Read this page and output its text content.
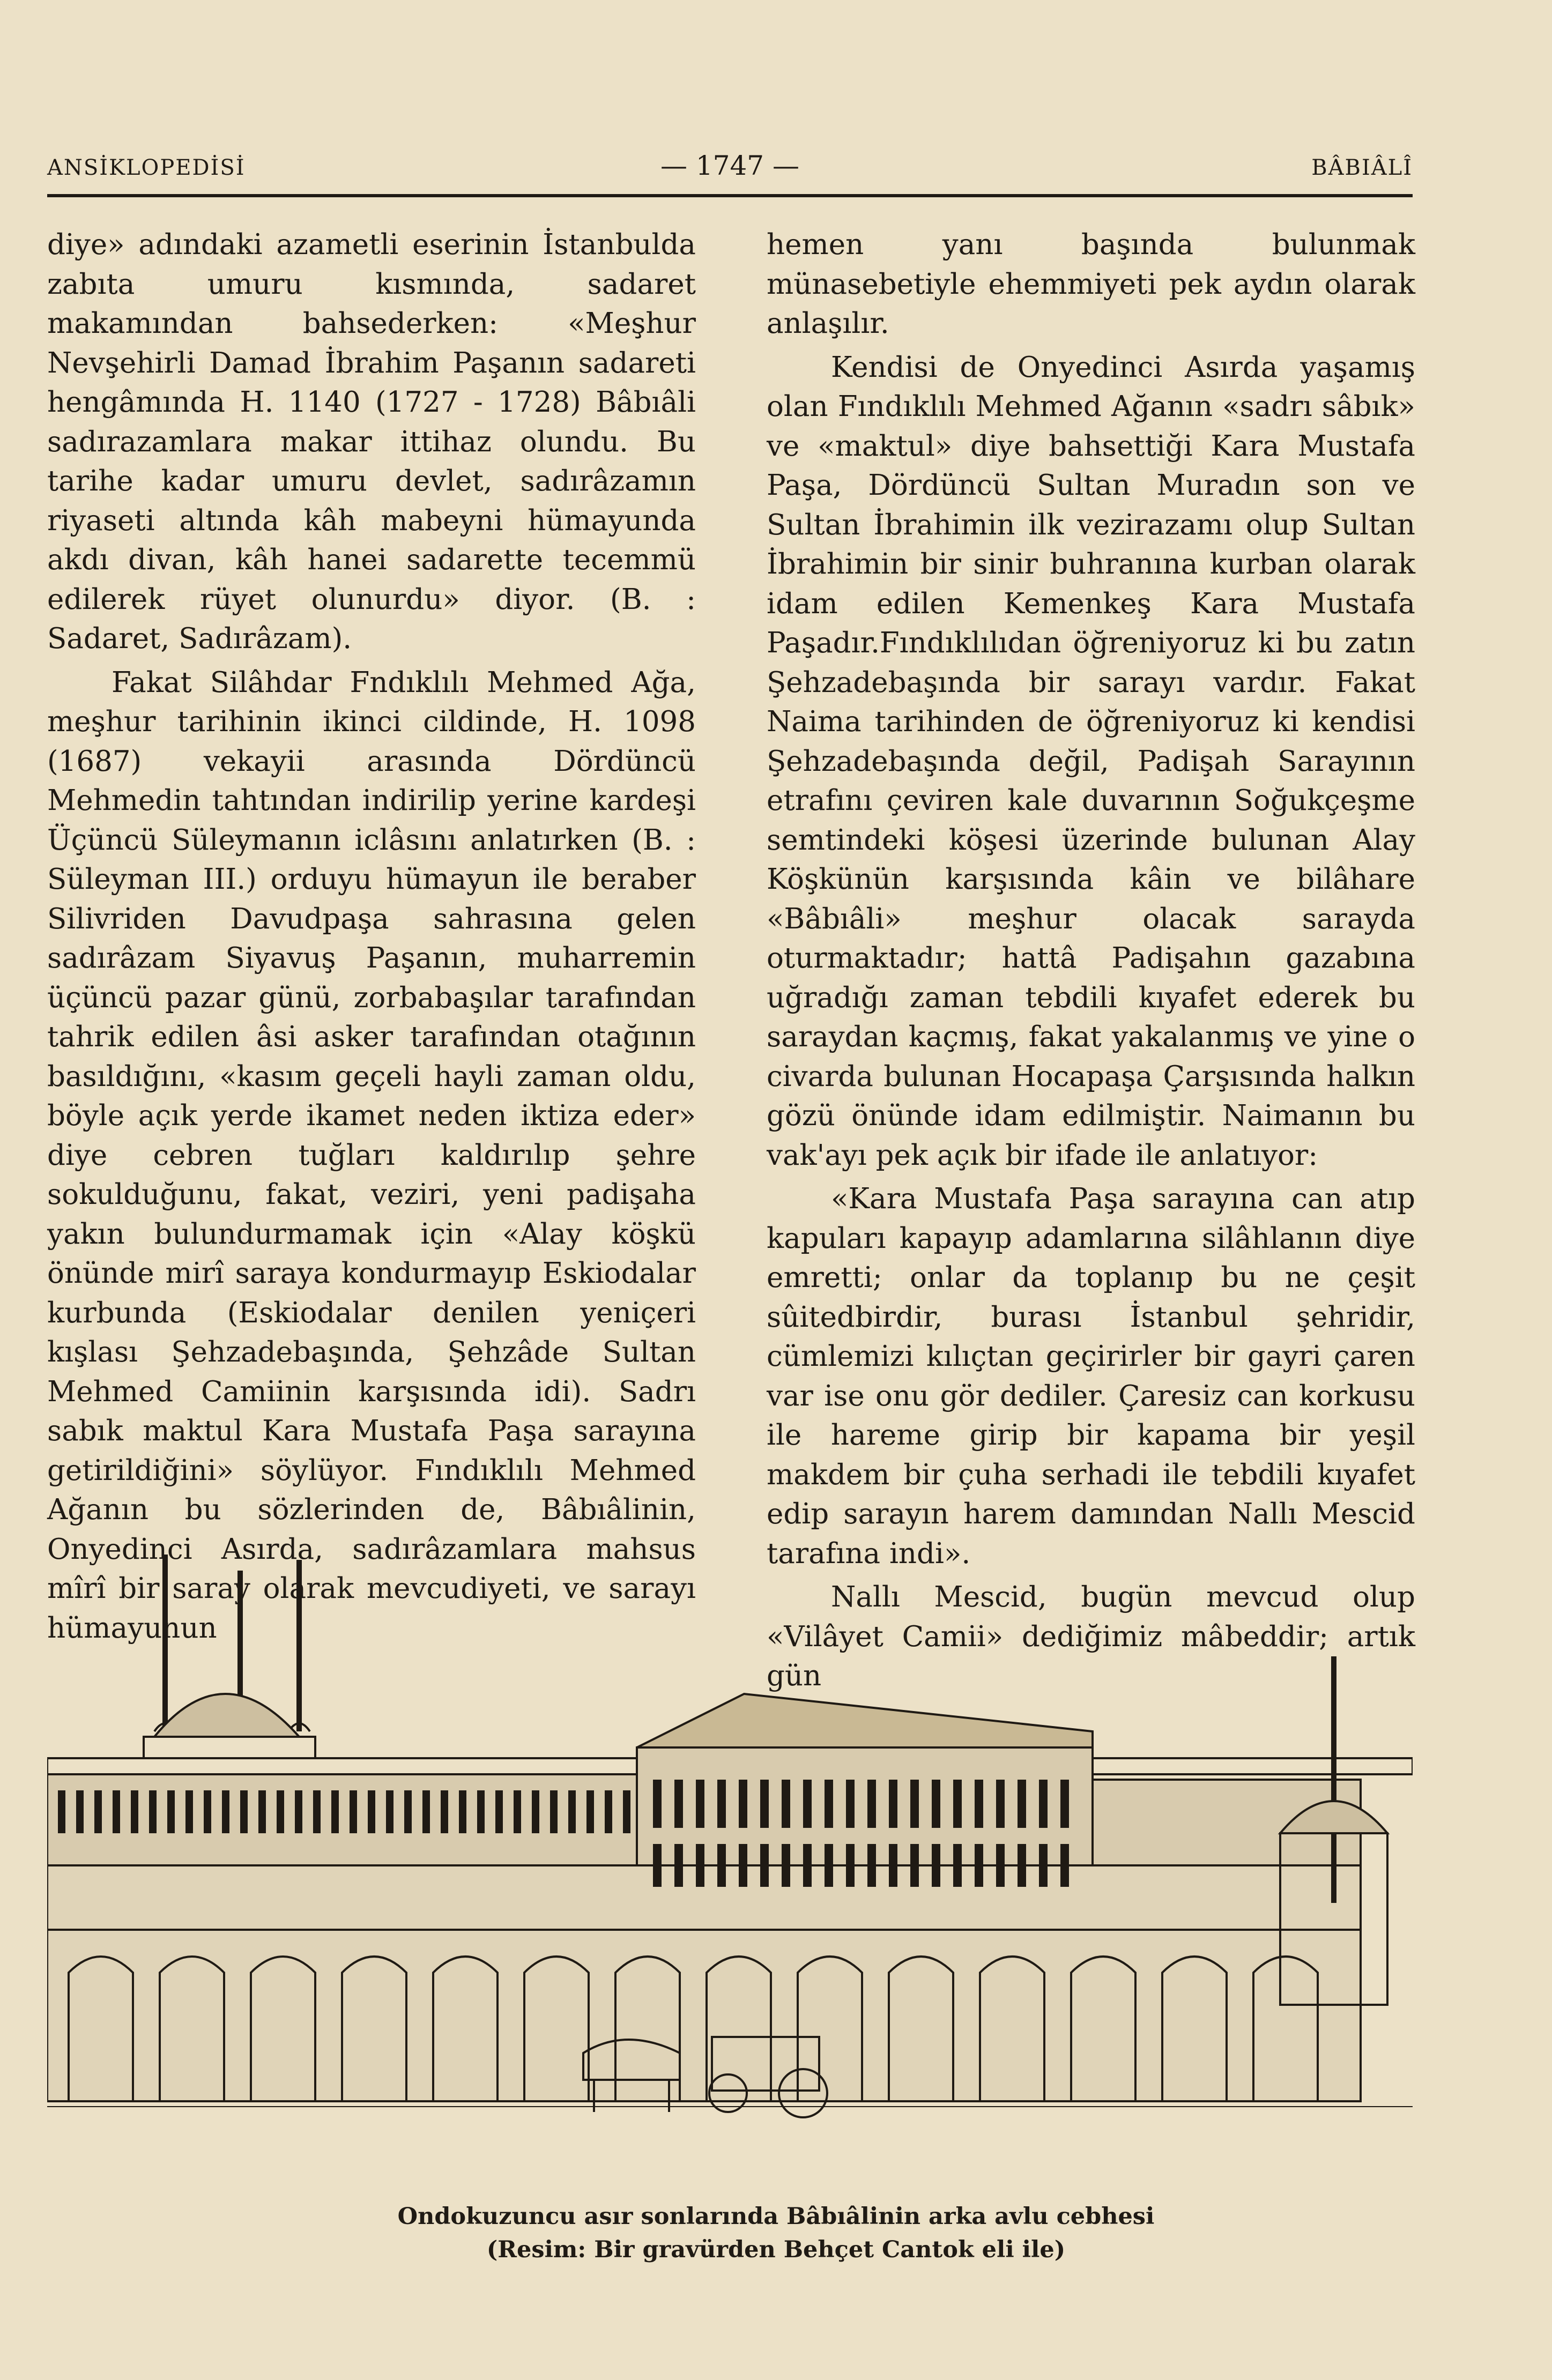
ANSİKLOPEDİSİ	— 1747 —	BÂBIÂLÎ

diye» adındaki azametli eserinin İstanbulda zabıta umuru kısmında, sadaret makamından bahsederken: «Meşhur Nevşehirli Damad İbrahim Paşanın sadareti hengâmında H. 1140 (1727 - 1728) Bâbıâli sadırazamlara makar ittihaz olundu. Bu tarihe kadar umuru devlet, sadırâzamın riyaseti altında kâh mabeyni hümayunda akdı divan, kâh hanei sadarette tecemmü edilerek rüyet olunurdu» diyor. (B. : Sadaret, Sadırâzam).

Fakat Silâhdar Fndıklılı Mehmed Ağa, meşhur tarihinin ikinci cildinde, H. 1098 (1687) vekayii arasında Dördüncü Mehmedin tahtından indirilip yerine kardeşi Üçüncü Süleymanın iclâsını anlatırken (B. : Süleyman III.) orduyu hümayun ile beraber Silivriden Davudpaşa sahrasına gelen sadırâzam Siyavuş Paşanın, muharremin üçüncü pazar günü, zorbabaşılar tarafından tahrik edilen âsi asker tarafından otağının basıldığını, «kasım geçeli hayli zaman oldu, böyle açık yerde ikamet neden iktiza eder» diye cebren tuğları kaldırılıp şehre sokulduğunu, fakat, veziri, yeni padişaha yakın bulundurmamak için «Alay köşkü önünde mirî saraya kondurmayıp Eskiodalar kurbunda (Eskiodalar denilen yeniçeri kışlası Şehzadebaşında, Şehzâde Sultan Mehmed Camiinin karşısında idi). Sadrı sabık maktul Kara Mustafa Paşa sarayına getirildiğini» söylüyor. Fındıklılı Mehmed Ağanın bu sözlerinden de, Bâbıâlinin, Onyedinci Asırda, sadırâzamlara mahsus mîrî bir saray olarak mevcudiyeti, ve sarayı hümayunun

hemen yanı başında bulunmak münasebetiyle ehemmiyeti pek aydın olarak anlaşılır.

Kendisi de Onyedinci Asırda yaşamış olan Fındıklılı Mehmed Ağanın «sadrı sâbık» ve «maktul» diye bahsettiği Kara Mustafa Paşa, Dördüncü Sultan Muradın son ve Sultan İbrahimin ilk vezirazamı olup Sultan İbrahimin bir sinir buhranına kurban olarak idam edilen Kemenkeş Kara Mustafa Paşadır.Fındıklılıdan öğreniyoruz ki bu zatın Şehzadebaşında bir sarayı vardır. Fakat Naima tarihinden de öğreniyoruz ki kendisi Şehzadebaşında değil, Padişah Sarayının etrafını çeviren kale duvarının Soğukçeşme semtindeki köşesi üzerinde bulunan Alay Köşkünün karşısında kâin ve bilâhare «Bâbıâli» meşhur olacak sarayda oturmaktadır; hattâ Padişahın gazabına uğradığı zaman tebdili kıyafet ederek bu saraydan kaçmış, fakat yakalanmış ve yine o civarda bulunan Hocapaşa Çarşısında halkın gözü önünde idam edilmiştir. Naimanın bu vak'ayı pek açık bir ifade ile anlatıyor:

«Kara Mustafa Paşa sarayına can atıp kapuları kapayıp adamlarına silâhlanın diye emretti; onlar da toplanıp bu ne çeşit sûitedbirdir, burası İstanbul şehridir, cümlemizi kılıçtan geçirirler bir gayri çaren var ise onu gör dediler. Çaresiz can korkusu ile hareme girip bir kapama bir yeşil makdem bir çuha serhadi ile tebdili kıyafet edip sarayın harem damından Nallı Mescid tarafına indi».

Nallı Mescid, bugün mevcud olup «Vilâyet Camii» dediğimiz mâbeddir; artık gün

Ondokuzuncu asır sonlarında Bâbıâlinin arka avlu cebhesi
(Resim: Bir gravürden Behçet Cantok eli ile)
